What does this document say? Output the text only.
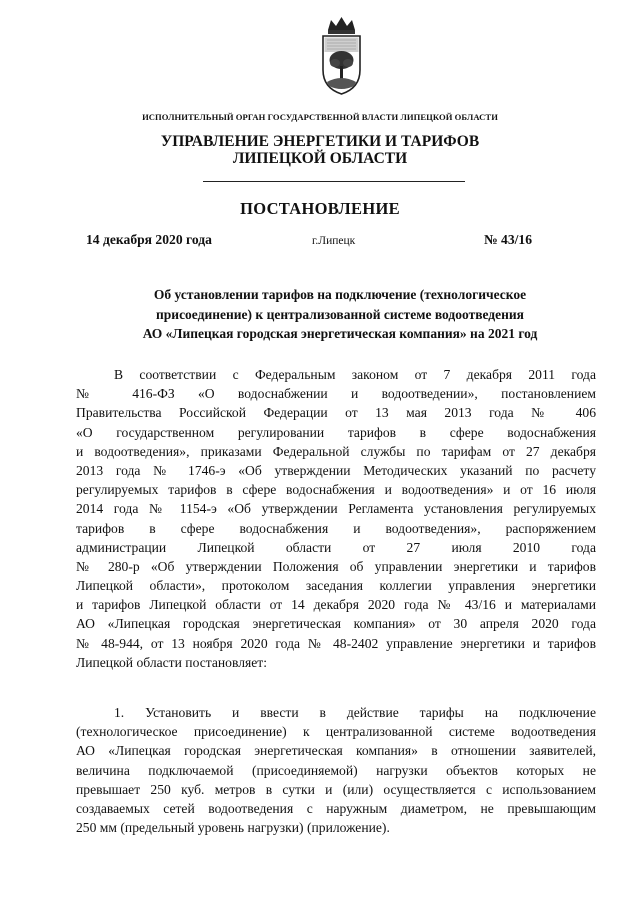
ИСПОЛНИТЕЛЬНЫЙ ОРГАН ГОСУДАРСТВЕННОЙ ВЛАСТИ ЛИПЕЦКОЙ ОБЛАСТИ
УПРАВЛЕНИЕ ЭНЕРГЕТИКИ И ТАРИФОВ
ЛИПЕЦКОЙ ОБЛАСТИ
ПОСТАНОВЛЕНИЕ
14 декабря 2020 года	г.Липецк	№ 43/16
Об установлении тарифов на подключение (технологическое
присоединение) к централизованной системе водоотведения
АО «Липецкая городская энергетическая компания» на 2021 год
В соответствии с Федеральным законом от 7 декабря 2011 года
№ 416-ФЗ «О водоснабжении и водоотведении», постановлением
Правительства Российской Федерации от 13 мая 2013 года № 406
«О государственном регулировании тарифов в сфере водоснабжения
и водоотведения», приказами Федеральной службы по тарифам от 27 декабря
2013 года № 1746-э «Об утверждении Методических указаний по расчету
регулируемых тарифов в сфере водоснабжения и водоотведения» и от 16 июля
2014 года № 1154-э «Об утверждении Регламента установления регулируемых
тарифов в сфере водоснабжения и водоотведения», распоряжением
администрации Липецкой области от 27 июля 2010 года
№ 280-р «Об утверждении Положения об управлении энергетики и тарифов
Липецкой области», протоколом заседания коллегии управления энергетики
и тарифов Липецкой области от 14 декабря 2020 года № 43/16 и материалами
АО «Липецкая городская энергетическая компания» от 30 апреля 2020 года
№ 48-944, от 13 ноября 2020 года № 48-2402 управление энергетики и тарифов
Липецкой области постановляет:
1. Установить и ввести в действие тарифы на подключение
(технологическое присоединение) к централизованной системе водоотведения
АО «Липецкая городская энергетическая компания» в отношении заявителей,
величина подключаемой (присоединяемой) нагрузки объектов которых не
превышает 250 куб. метров в сутки и (или) осуществляется с использованием
создаваемых сетей водоотведения с наружным диаметром, не превышающим
250 мм (предельный уровень нагрузки) (приложение).
